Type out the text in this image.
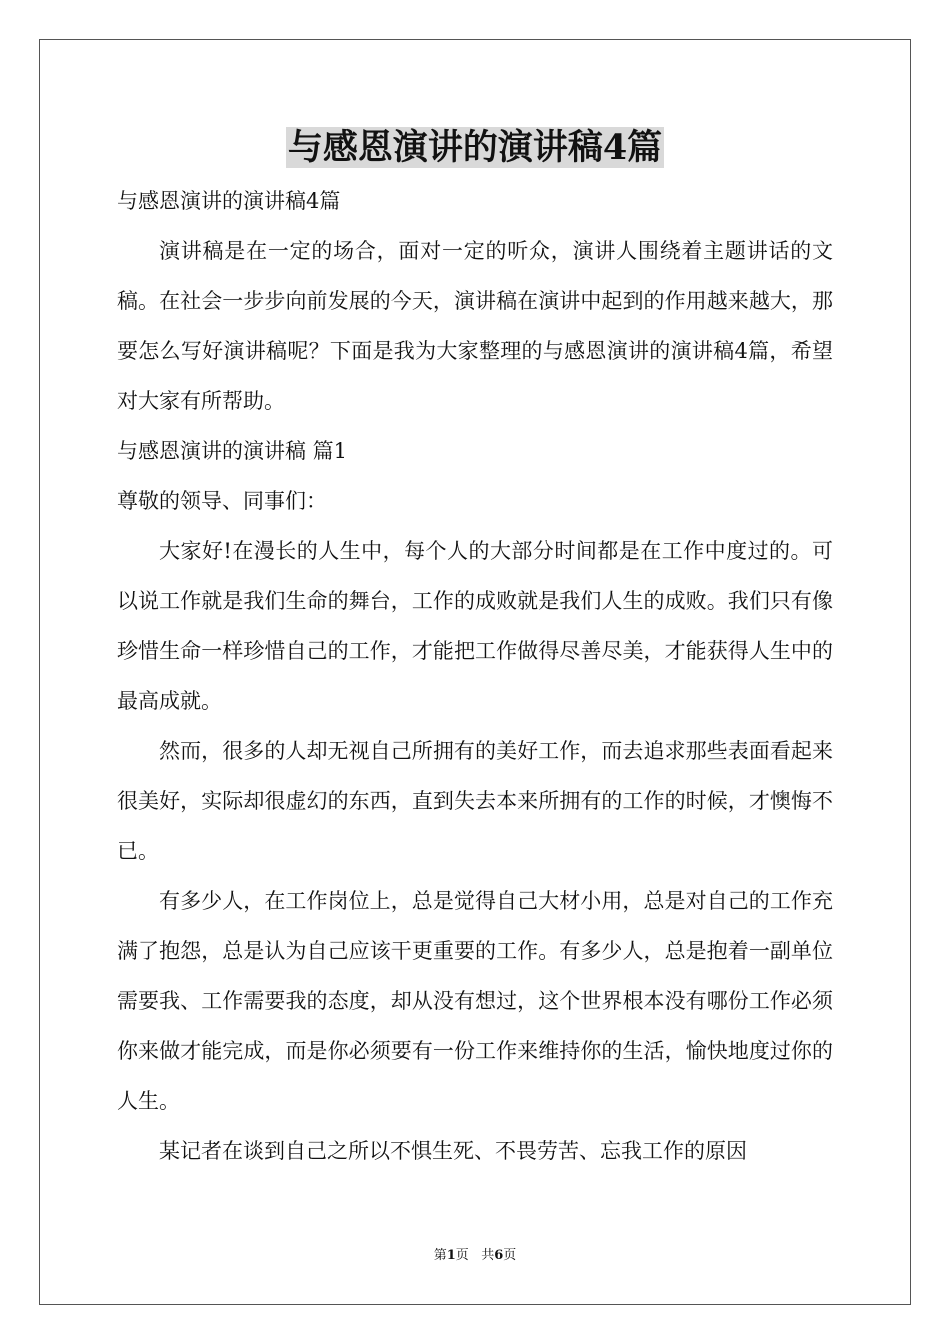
与感恩演讲的演讲稿4篇

与感恩演讲的演讲稿4篇

演讲稿是在一定的场合，面对一定的听众，演讲人围绕着主题讲话的文稿。在社会一步步向前发展的今天，演讲稿在演讲中起到的作用越来越大，那要怎么写好演讲稿呢？下面是我为大家整理的与感恩演讲的演讲稿4篇，希望对大家有所帮助。

与感恩演讲的演讲稿 篇1

尊敬的领导、同事们：

大家好!在漫长的人生中，每个人的大部分时间都是在工作中度过的。可以说工作就是我们生命的舞台，工作的成败就是我们人生的成败。我们只有像珍惜生命一样珍惜自己的工作，才能把工作做得尽善尽美，才能获得人生中的最高成就。

然而，很多的人却无视自己所拥有的美好工作，而去追求那些表面看起来很美好，实际却很虚幻的东西，直到失去本来所拥有的工作的时候，才懊悔不已。

有多少人，在工作岗位上，总是觉得自己大材小用，总是对自己的工作充满了抱怨，总是认为自己应该干更重要的工作。有多少人，总是抱着一副单位需要我、工作需要我的态度，却从没有想过，这个世界根本没有哪份工作必须你来做才能完成，而是你必须要有一份工作来维持你的生活，愉快地度过你的人生。

某记者在谈到自己之所以不惧生死、不畏劳苦、忘我工作的原因

第1页 共6页
